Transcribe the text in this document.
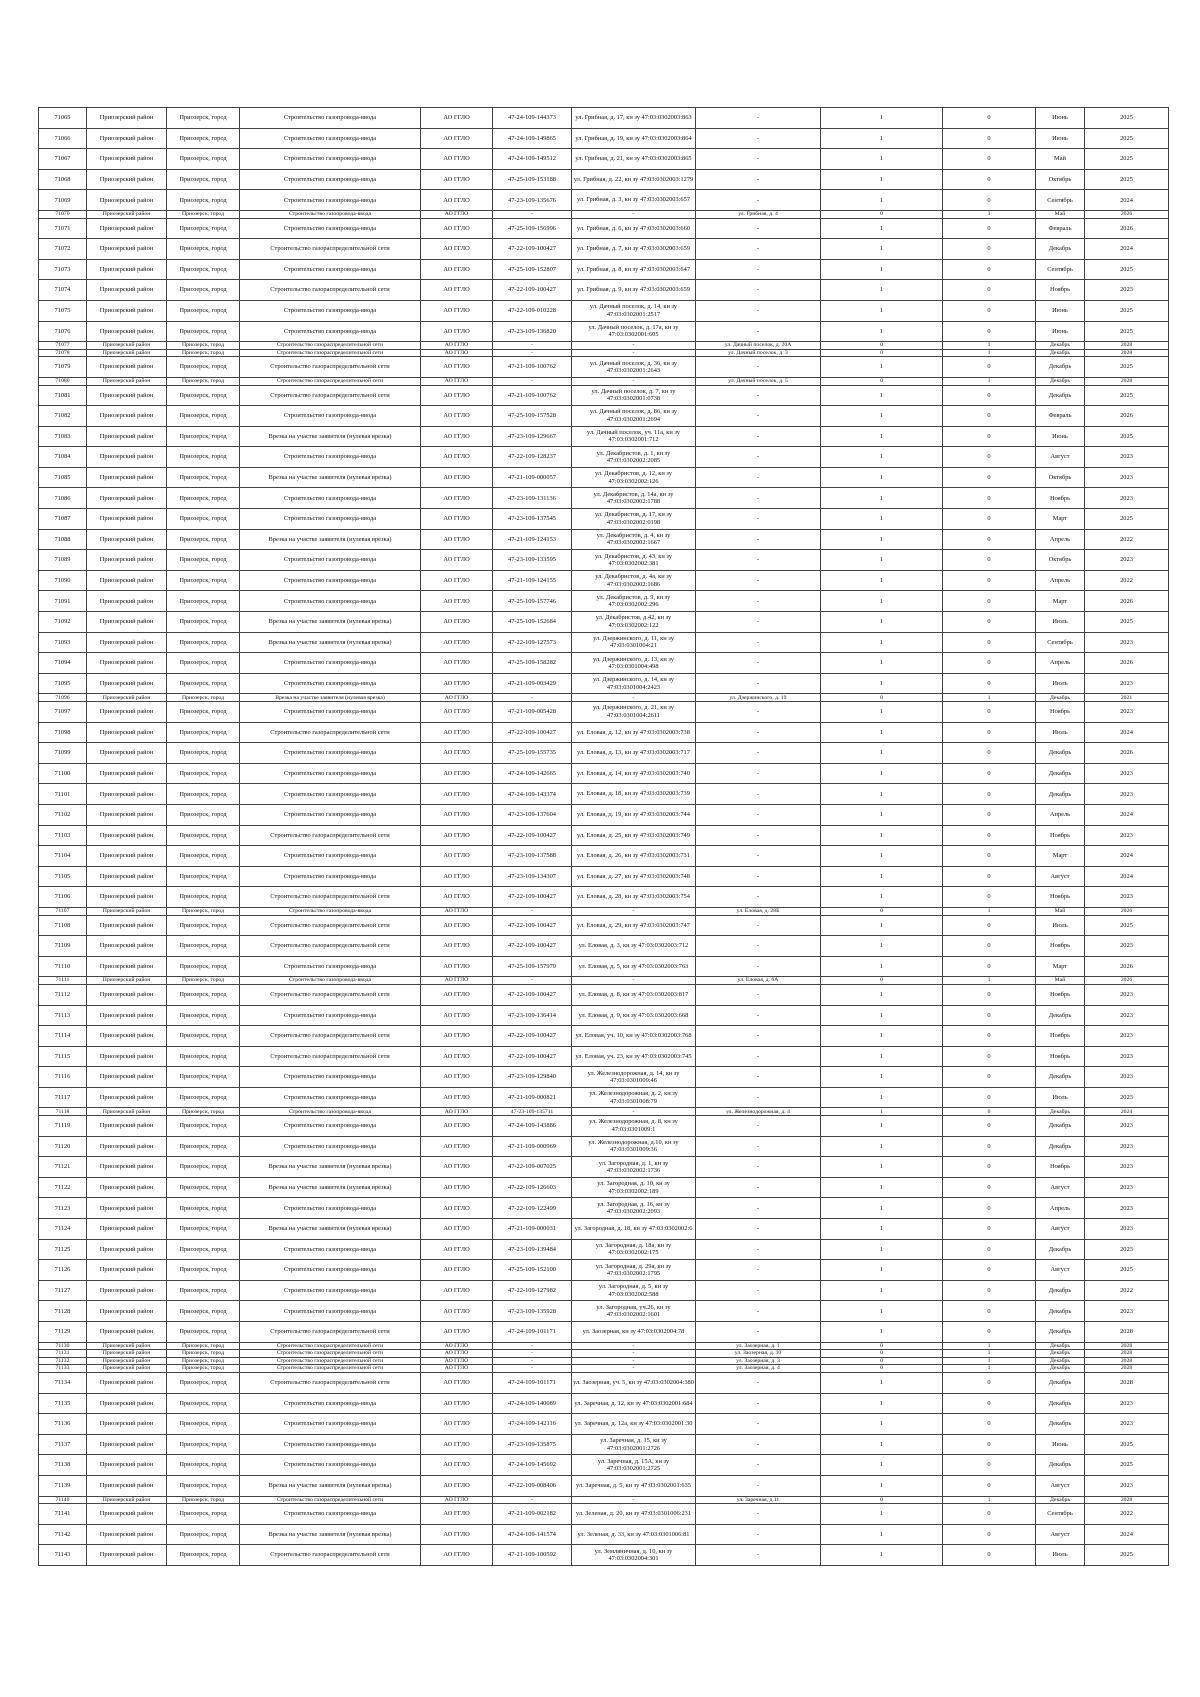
71065	Приозерский район	Приозерск, город	Строительство газопровода-ввода	АО ГГЛО	47-24-109-144373	ул. Грибная, д. 17, кн зу 47:03:0302003:863	-	1	0	Июнь	2025
71066	Приозерский район	Приозерск, город	Строительство газопровода-ввода	АО ГГЛО	47-24-109-149865	ул. Грибная, д. 19, кн зу 47:03:0302003:864	-	1	0	Июнь	2025
71067	Приозерский район	Приозерск, город	Строительство газопровода-ввода	АО ГГЛО	47-24-109-149512	ул. Грибная, д. 21, кн зу 47:03:0302003:865	-	1	0	Май	2025
71068	Приозерский район	Приозерск, город	Строительство газопровода-ввода	АО ГГЛО	47-25-109-153188	ул. Грибная, д. 22, кн зу 47:03:0302003:1279	-	1	0	Октябрь	2025
71069	Приозерский район	Приозерск, город	Строительство газопровода-ввода	АО ГГЛО	47-23-109-135676	ул. Грибная, д. 3, кн зу 47:03:0302003:657	-	1	0	Сентябрь	2024
71070	Приозерский район	Приозерск, город	Строительство газопровода-ввода	АО ГГЛО	-	-	ул. Грибная, д. 4	0	1	Май	2026
71071	Приозерский район	Приозерск, город	Строительство газопровода-ввода	АО ГГЛО	47-25-109-156996	ул. Грибная, д. 6, кн зу 47:03:0302003:660	-	1	0	Февраль	2026
71072	Приозерский район	Приозерск, город	Строительство газораспределительной сети	АО ГГЛО	47-22-109-100427	ул. Грибная, д. 7, кн зу 47:03:0302003:659	-	1	0	Декабрь	2024
71073	Приозерский район	Приозерск, город	Строительство газопровода-ввода	АО ГГЛО	47-25-109-152807	ул. Грибная, д. 8, кн зу 47:03:0302003:647	-	1	0	Сентябрь	2025
71074	Приозерский район	Приозерск, город	Строительство газораспределительной сети	АО ГГЛО	47-22-109-100427	ул. Грибная, д. 9, кн зу 47:03:0302003:659	-	1	0	Ноябрь	2023
71075	Приозерский район	Приозерск, город	Строительство газопровода-ввода	АО ГГЛО	47-22-109-010228	ул. Дачный поселок, д. 14, кн зу 47:03:0302001:2517	-	1	0	Июнь	2025
71076	Приозерский район	Приозерск, город	Строительство газопровода-ввода	АО ГГЛО	47-23-109-136820	ул. Дачный поселок, д. 17а, кн зу 47:03:0302001:605	-	1	0	Июнь	2025
71077	Приозерский район	Приозерск, город	Строительство газораспределительной сети	АО ГГЛО	-	-	ул. Дачный поселок, д. 20А	0	1	Декабрь	2028
71078	Приозерский район	Приозерск, город	Строительство газораспределительной сети	АО ГГЛО	-	-	ул. Дачный поселок, д. 3	0	1	Декабрь	2028
71079	Приозерский район	Приозерск, город	Строительство газораспределительной сети	АО ГГЛО	47-21-109-100762	ул. Дачный поселок, д. 36, кн зу 47:03:0302001:2643	-	1	0	Декабрь	2025
71080	Приозерский район	Приозерск, город	Строительство газораспределительной сети	АО ГГЛО	-	-	ул. Дачный поселок, д. 5	0	1	Декабрь	2028
71081	Приозерский район	Приозерск, город	Строительство газораспределительной сети	АО ГГЛО	47-21-109-100762	ул. Дачный поселок, д. 7, кн зу 47:03:0302001:0738	-	1	0	Декабрь	2025
71082	Приозерский район	Приозерск, город	Строительство газопровода-ввода	АО ГГЛО	47-25-109-157528	ул. Дачный поселок, д. 86, кн зу 47:03:0302001:2694	-	1	0	Февраль	2026
71083	Приозерский район	Приозерск, город	Врезка на участке заявителя (нулевая врезка)	АО ГГЛО	47-23-109-129667	ул. Дачный поселок, уч. 11а, кн зу 47:03:0302001:712	-	1	0	Июнь	2025
71084	Приозерский район	Приозерск, город	Строительство газопровода-ввода	АО ГГЛО	47-22-109-128237	ул. Декабристов, д. 1, кн зу 47:03:0302002:2085	-	1	0	Август	2023
71085	Приозерский район	Приозерск, город	Врезка на участке заявителя (нулевая врезка)	АО ГГЛО	47-21-109-000057	ул. Декабристов, д. 12, кн зу 47:03:0302002:126	-	1	0	Октябрь	2023
71086	Приозерский район	Приозерск, город	Строительство газопровода-ввода	АО ГГЛО	47-23-109-131136	ул. Декабристов, д. 14а, кн зу 47:03:0302002:1788	-	1	0	Ноябрь	2023
71087	Приозерский район	Приозерск, город	Строительство газопровода-ввода	АО ГГЛО	47-23-109-137545	ул. Декабристов, д. 17, кн зу 47:03:0302002:0198	-	1	0	Март	2025
71088	Приозерский район	Приозерск, город	Врезка на участке заявителя (нулевая врезка)	АО ГГЛО	47-21-109-124153	ул. Декабристов, д. 4, кн зу 47:03:0302002:1667	-	1	0	Апрель	2022
71089	Приозерский район	Приозерск, город	Строительство газопровода-ввода	АО ГГЛО	47-23-109-133595	ул. Декабристов, д. 43, кн зу 47:03:0302002:381	-	1	0	Октябрь	2023
71090	Приозерский район	Приозерск, город	Строительство газопровода-ввода	АО ГГЛО	47-21-109-124155	ул. Декабристов, д. 4а, кн зу 47:03:0302002:1686	-	1	0	Апрель	2022
71091	Приозерский район	Приозерск, город	Строительство газопровода-ввода	АО ГГЛО	47-25-109-157746	ул. Декабристов, д. 9, кн зу 47:03:0302002:296	-	1	0	Март	2026
71092	Приозерский район	Приозерск, город	Врезка на участке заявителя (нулевая врезка)	АО ГГЛО	47-25-109-152684	ул. Декабристов, д.42, кн зу 47:03:0302002:122	-	1	0	Июль	2025
71093	Приозерский район	Приозерск, город	Врезка на участке заявителя (нулевая врезка)	АО ГГЛО	47-22-109-127573	ул. Дзержинского, д. 11, кн зу 47:03:0301004:21	-	1	0	Сентябрь	2023
71094	Приозерский район	Приозерск, город	Строительство газопровода-ввода	АО ГГЛО	47-25-109-158282	ул. Дзержинского, д. 13, кн зу 47:03:0301004:498	-	1	0	Апрель	2026
71095	Приозерский район	Приозерск, город	Строительство газопровода-ввода	АО ГГЛО	47-21-109-003429	ул. Дзержинского, д. 14, кн зу 47:03:0301004:2423	-	1	0	Июль	2023
71096	Приозерский район	Приозерск, город	Врезка на участке заявителя (нулевая врезка)	АО ГГЛО	-	-	ул. Дзержинского, д. 19	0	1	Декабрь	2021
71097	Приозерский район	Приозерск, город	Строительство газопровода-ввода	АО ГГЛО	47-21-109-005428	ул. Дзержинского, д. 21, кн зу 47:03:0301004:2611	-	1	0	Ноябрь	2023
71098	Приозерский район	Приозерск, город	Строительство газораспределительной сети	АО ГГЛО	47-22-109-100427	ул. Еловая, д. 12, кн зу 47:03:0302003:738	-	1	0	Июль	2024
71099	Приозерский район	Приозерск, город	Строительство газопровода-ввода	АО ГГЛО	47-25-109-155735	ул. Еловая, д. 13, кн зу 47:03:0302003:717	-	1	0	Декабрь	2026
71100	Приозерский район	Приозерск, город	Строительство газопровода-ввода	АО ГГЛО	47-24-109-142665	ул. Еловая, д. 14, кн зу 47:03:0302003:740	-	1	0	Декабрь	2023
71101	Приозерский район	Приозерск, город	Строительство газопровода-ввода	АО ГГЛО	47-24-109-143374	ул. Еловая, д. 18, кн зу 47:03:0302003:739	-	1	0	Декабрь	2023
71102	Приозерский район	Приозерск, город	Строительство газопровода-ввода	АО ГГЛО	47-23-109-137604	ул. Еловая, д. 19, кн зу 47:03:0302003:744	-	1	0	Апрель	2024
71103	Приозерский район	Приозерск, город	Строительство газораспределительной сети	АО ГГЛО	47-22-109-100427	ул. Еловая, д. 25, кн зу 47:03:0302003:749	-	1	0	Ноябрь	2023
71104	Приозерский район	Приозерск, город	Строительство газопровода-ввода	АО ГГЛО	47-23-109-137588	ул. Еловая, д. 26, кн зу 47:03:0302003:731	-	1	0	Март	2024
71105	Приозерский район	Приозерск, город	Строительство газопровода-ввода	АО ГГЛО	47-23-109-134307	ул. Еловая, д. 27, кн зу 47:03:0302003:748	-	1	0	Август	2024
71106	Приозерский район	Приозерск, город	Строительство газораспределительной сети	АО ГГЛО	47-22-109-100427	ул. Еловая, д. 28, кн зу 47:03:0302003:754	-	1	0	Ноябрь	2023
71107	Приозерский район	Приозерск, город	Строительство газопровода-ввода	АО ГГЛО	-	-	ул. Еловая, д. 28Б	0	1	Май	2026
71108	Приозерский район	Приозерск, город	Строительство газораспределительной сети	АО ГГЛО	47-22-109-100427	ул. Еловая, д. 29, кн зу 47:03:0302003:747	-	1	0	Июль	2025
71109	Приозерский район	Приозерск, город	Строительство газораспределительной сети	АО ГГЛО	47-22-109-100427	ул. Еловая, д. 3, кн зу 47:03:0302003:712	-	1	0	Ноябрь	2023
71110	Приозерский район	Приозерск, город	Строительство газопровода-ввода	АО ГГЛО	47-25-109-157979	ул. Еловая, д. 5, кн зу 47:03:0302003:763	-	1	0	Март	2026
71111	Приозерский район	Приозерск, город	Строительство газопровода-ввода	АО ГГЛО	-	-	ул. Еловая, д. 6А	0	1	Май	2026
71112	Приозерский район	Приозерск, город	Строительство газораспределительной сети	АО ГГЛО	47-22-109-100427	ул. Еловая, д. 8, кн зу 47:03:0302003:817	-	1	0	Ноябрь	2023
71113	Приозерский район	Приозерск, город	Строительство газопровода-ввода	АО ГГЛО	47-23-109-136414	ул. Еловая, д. 9, кн зу 47:03:0302003:668	-	1	0	Декабрь	2023
71114	Приозерский район	Приозерск, город	Строительство газораспределительной сети	АО ГГЛО	47-22-109-100427	ул. Еловая, уч. 10, кн зу 47:03:0302003:768	-	1	0	Ноябрь	2023
71115	Приозерский район	Приозерск, город	Строительство газораспределительной сети	АО ГГЛО	47-22-109-100427	ул. Еловая, уч. 23, кн зу 47:03:0302003:745	-	1	0	Ноябрь	2023
71116	Приозерский район	Приозерск, город	Строительство газопровода-ввода	АО ГГЛО	47-23-109-129840	ул. Железнодорожная, д. 14, кн зу 47:03:0301009:46	-	1	0	Декабрь	2023
71117	Приозерский район	Приозерск, город	Строительство газопровода-ввода	АО ГГЛО	47-21-109-000821	ул. Железнодорожная, д. 2, кн зу 47:03:0301008:79	-	1	0	Июль	2023
71118	Приозерский район	Приозерск, город	Строительство газопровода-ввода	АО ГГЛО	47-23-109-135711	-	ул. Железнодорожная, д. 4	1	0	Декабрь	2024
71119	Приозерский район	Приозерск, город	Строительство газопровода-ввода	АО ГГЛО	47-24-109-143886	ул. Железнодорожная, д. 8, кн зу 47:03:0301009:1	-	1	0	Декабрь	2023
71120	Приозерский район	Приозерск, город	Строительство газопровода-ввода	АО ГГЛО	47-21-109-000969	ул. Железнодорожная, д.10, кн зу 47:03:0301009:36	-	1	0	Декабрь	2023
71121	Приозерский район	Приозерск, город	Врезка на участке заявителя (нулевая врезка)	АО ГГЛО	47-22-109-007025	ул. Загородная, д. 1, кн зу 47:03:0302002:1736	-	1	0	Ноябрь	2023
71122	Приозерский район	Приозерск, город	Врезка на участке заявителя (нулевая врезка)	АО ГГЛО	47-22-109-126603	ул. Загородная, д. 10, кн зу 47:03:0302002:189	-	1	0	Август	2023
71123	Приозерский район	Приозерск, город	Строительство газопровода-ввода	АО ГГЛО	47-22-109-122499	ул. Загородная, д. 16, кн зу 47:03:0302002:2093	-	1	0	Апрель	2023
71124	Приозерский район	Приозерск, город	Врезка на участке заявителя (нулевая врезка)	АО ГГЛО	47-21-109-000031	ул. Загородная, д. 18, кн зу 47:03:0302002:6	-	1	0	Август	2023
71125	Приозерский район	Приозерск, город	Строительство газопровода-ввода	АО ГГЛО	47-23-109-139484	ул. Загородная, д. 18а, кн зу 47:03:0302002:175	-	1	0	Декабрь	2023
71126	Приозерский район	Приозерск, город	Строительство газопровода-ввода	АО ГГЛО	47-25-109-152100	ул. Загородная, д. 29а, кн зу 47:03:0302002:1795	-	1	0	Август	2025
71127	Приозерский район	Приозерск, город	Строительство газопровода-ввода	АО ГГЛО	47-22-109-127982	ул. Загородная, д. 5, кн зу 47:03:0302002:588	-	1	0	Декабрь	2022
71128	Приозерский район	Приозерск, город	Строительство газопровода-ввода	АО ГГЛО	47-23-109-135928	ул. Загородная, уч.26, кн зу 47:03:0302002:1601	-	1	0	Декабрь	2023
71129	Приозерский район	Приозерск, город	Строительство газораспределительной сети	АО ГГЛО	47-24-109-101171	ул. Заозерная, кн зу 47:03:0302004:78	-	1	0	Декабрь	2028
71130	Приозерский район	Приозерск, город	Строительство газораспределительной сети	АО ГГЛО	-	-	ул. Заозерная, д. 1	0	1	Декабрь	2028
71131	Приозерский район	Приозерск, город	Строительство газораспределительной сети	АО ГГЛО	-	-	ул. Заозерная, д. 10	0	1	Декабрь	2028
71132	Приозерский район	Приозерск, город	Строительство газораспределительной сети	АО ГГЛО	-	-	ул. Заозерная, д. 3	0	1	Декабрь	2028
71133	Приозерский район	Приозерск, город	Строительство газораспределительной сети	АО ГГЛО	-	-	ул. Заозерная, д. 4	0	1	Декабрь	2028
71134	Приозерский район	Приозерск, город	Строительство газораспределительной сети	АО ГГЛО	47-24-109-101171	ул. Заозерная, уч. 5, кн зу 47:03:0302004:380	-	1	0	Декабрь	2028
71135	Приозерский район	Приозерск, город	Строительство газопровода-ввода	АО ГГЛО	47-24-109-140089	ул. Заречная, д. 12, кн зу 47:03:0302001:684	-	1	0	Декабрь	2023
71136	Приозерский район	Приозерск, город	Строительство газопровода-ввода	АО ГГЛО	47-24-109-142116	ул. Заречная, д. 12а, кн зу 47:03:0302001:30	-	1	0	Декабрь	2023
71137	Приозерский район	Приозерск, город	Строительство газопровода-ввода	АО ГГЛО	47-23-109-135875	ул. Заречная, д. 15, кн зу 47:03:0302001:2726	-	1	0	Июнь	2025
71138	Приозерский район	Приозерск, город	Строительство газопровода-ввода	АО ГГЛО	47-24-109-145692	ул. Заречная, д. 15А, кн зу 47:03:0302001:2725	-	1	0	Декабрь	2025
71139	Приозерский район	Приозерск, город	Врезка на участке заявителя (нулевая врезка)	АО ГГЛО	47-22-109-008406	ул. Заречная, д. 5, кн зу 47:03:0302001:635	-	1	0	Август	2023
71140	Приозерский район	Приозерск, город	Строительство газораспределительной сети	АО ГГЛО	-	-	ул. Заречная, д.11	0	1	Декабрь	2028
71141	Приозерский район	Приозерск, город	Строительство газопровода-ввода	АО ГГЛО	47-21-109-002182	ул. Зеленая, д. 20, кн зу 47:03:0301006:231	-	1	0	Сентябрь	2022
71142	Приозерский район	Приозерск, город	Врезка на участке заявителя (нулевая врезка)	АО ГГЛО	47-24-109-141574	ул. Зеленая, д. 33, кн зу 47:03:0301006:81	-	1	0	Август	2024
71143	Приозерский район	Приозерск, город	Строительство газораспределительной сети	АО ГГЛО	47-21-109-100592	ул. Земляничная, д. 10, кн зу 47:03:0302004:301	-	1	0	Июль	2025
